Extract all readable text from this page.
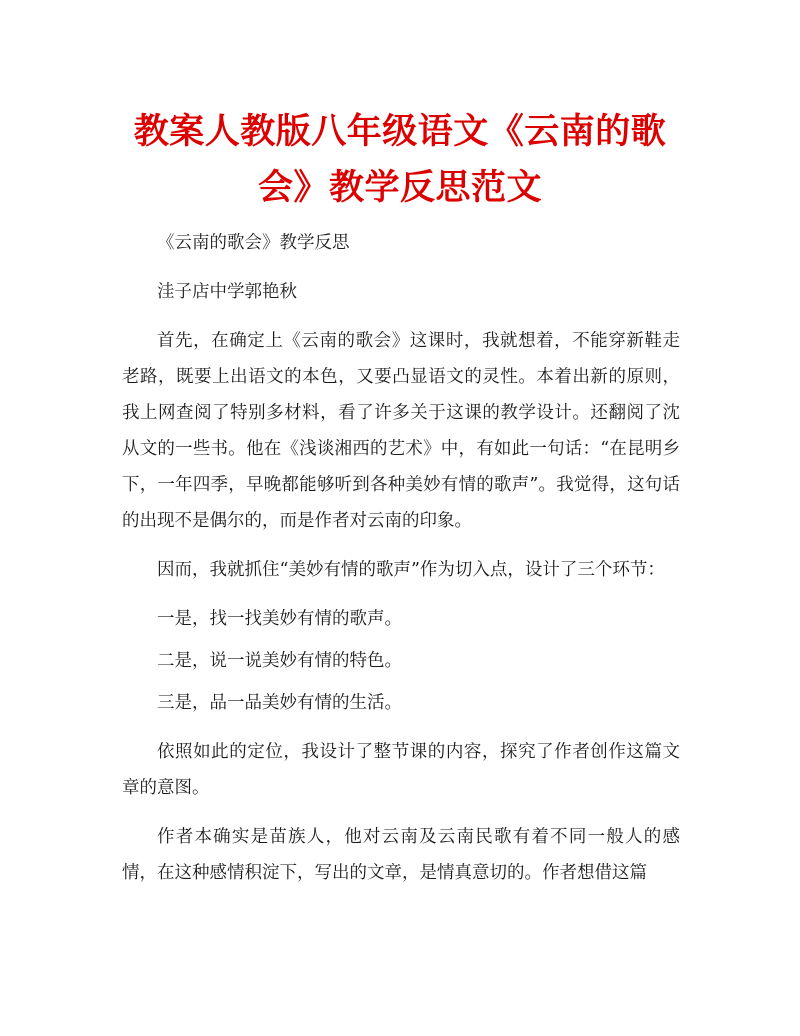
教案人教版八年级语文《云南的歌会》教学反思范文

《云南的歌会》教学反思

洼子店中学郭艳秋

首先，在确定上《云南的歌会》这课时，我就想着，不能穿新鞋走老路，既要上出语文的本色，又要凸显语文的灵性。本着出新的原则，我上网查阅了特别多材料，看了许多关于这课的教学设计。还翻阅了沈从文的一些书。他在《浅谈湘西的艺术》中，有如此一句话：“在昆明乡下，一年四季，早晚都能够听到各种美妙有情的歌声”。我觉得，这句话的出现不是偶尔的，而是作者对云南的印象。

因而，我就抓住“美妙有情的歌声”作为切入点，设计了三个环节：

一是，找一找美妙有情的歌声。

二是，说一说美妙有情的特色。

三是，品一品美妙有情的生活。

依照如此的定位，我设计了整节课的内容，探究了作者创作这篇文章的意图。

作者本确实是苗族人，他对云南及云南民歌有着不同一般人的感情，在这种感情积淀下，写出的文章，是情真意切的。作者想借这篇
